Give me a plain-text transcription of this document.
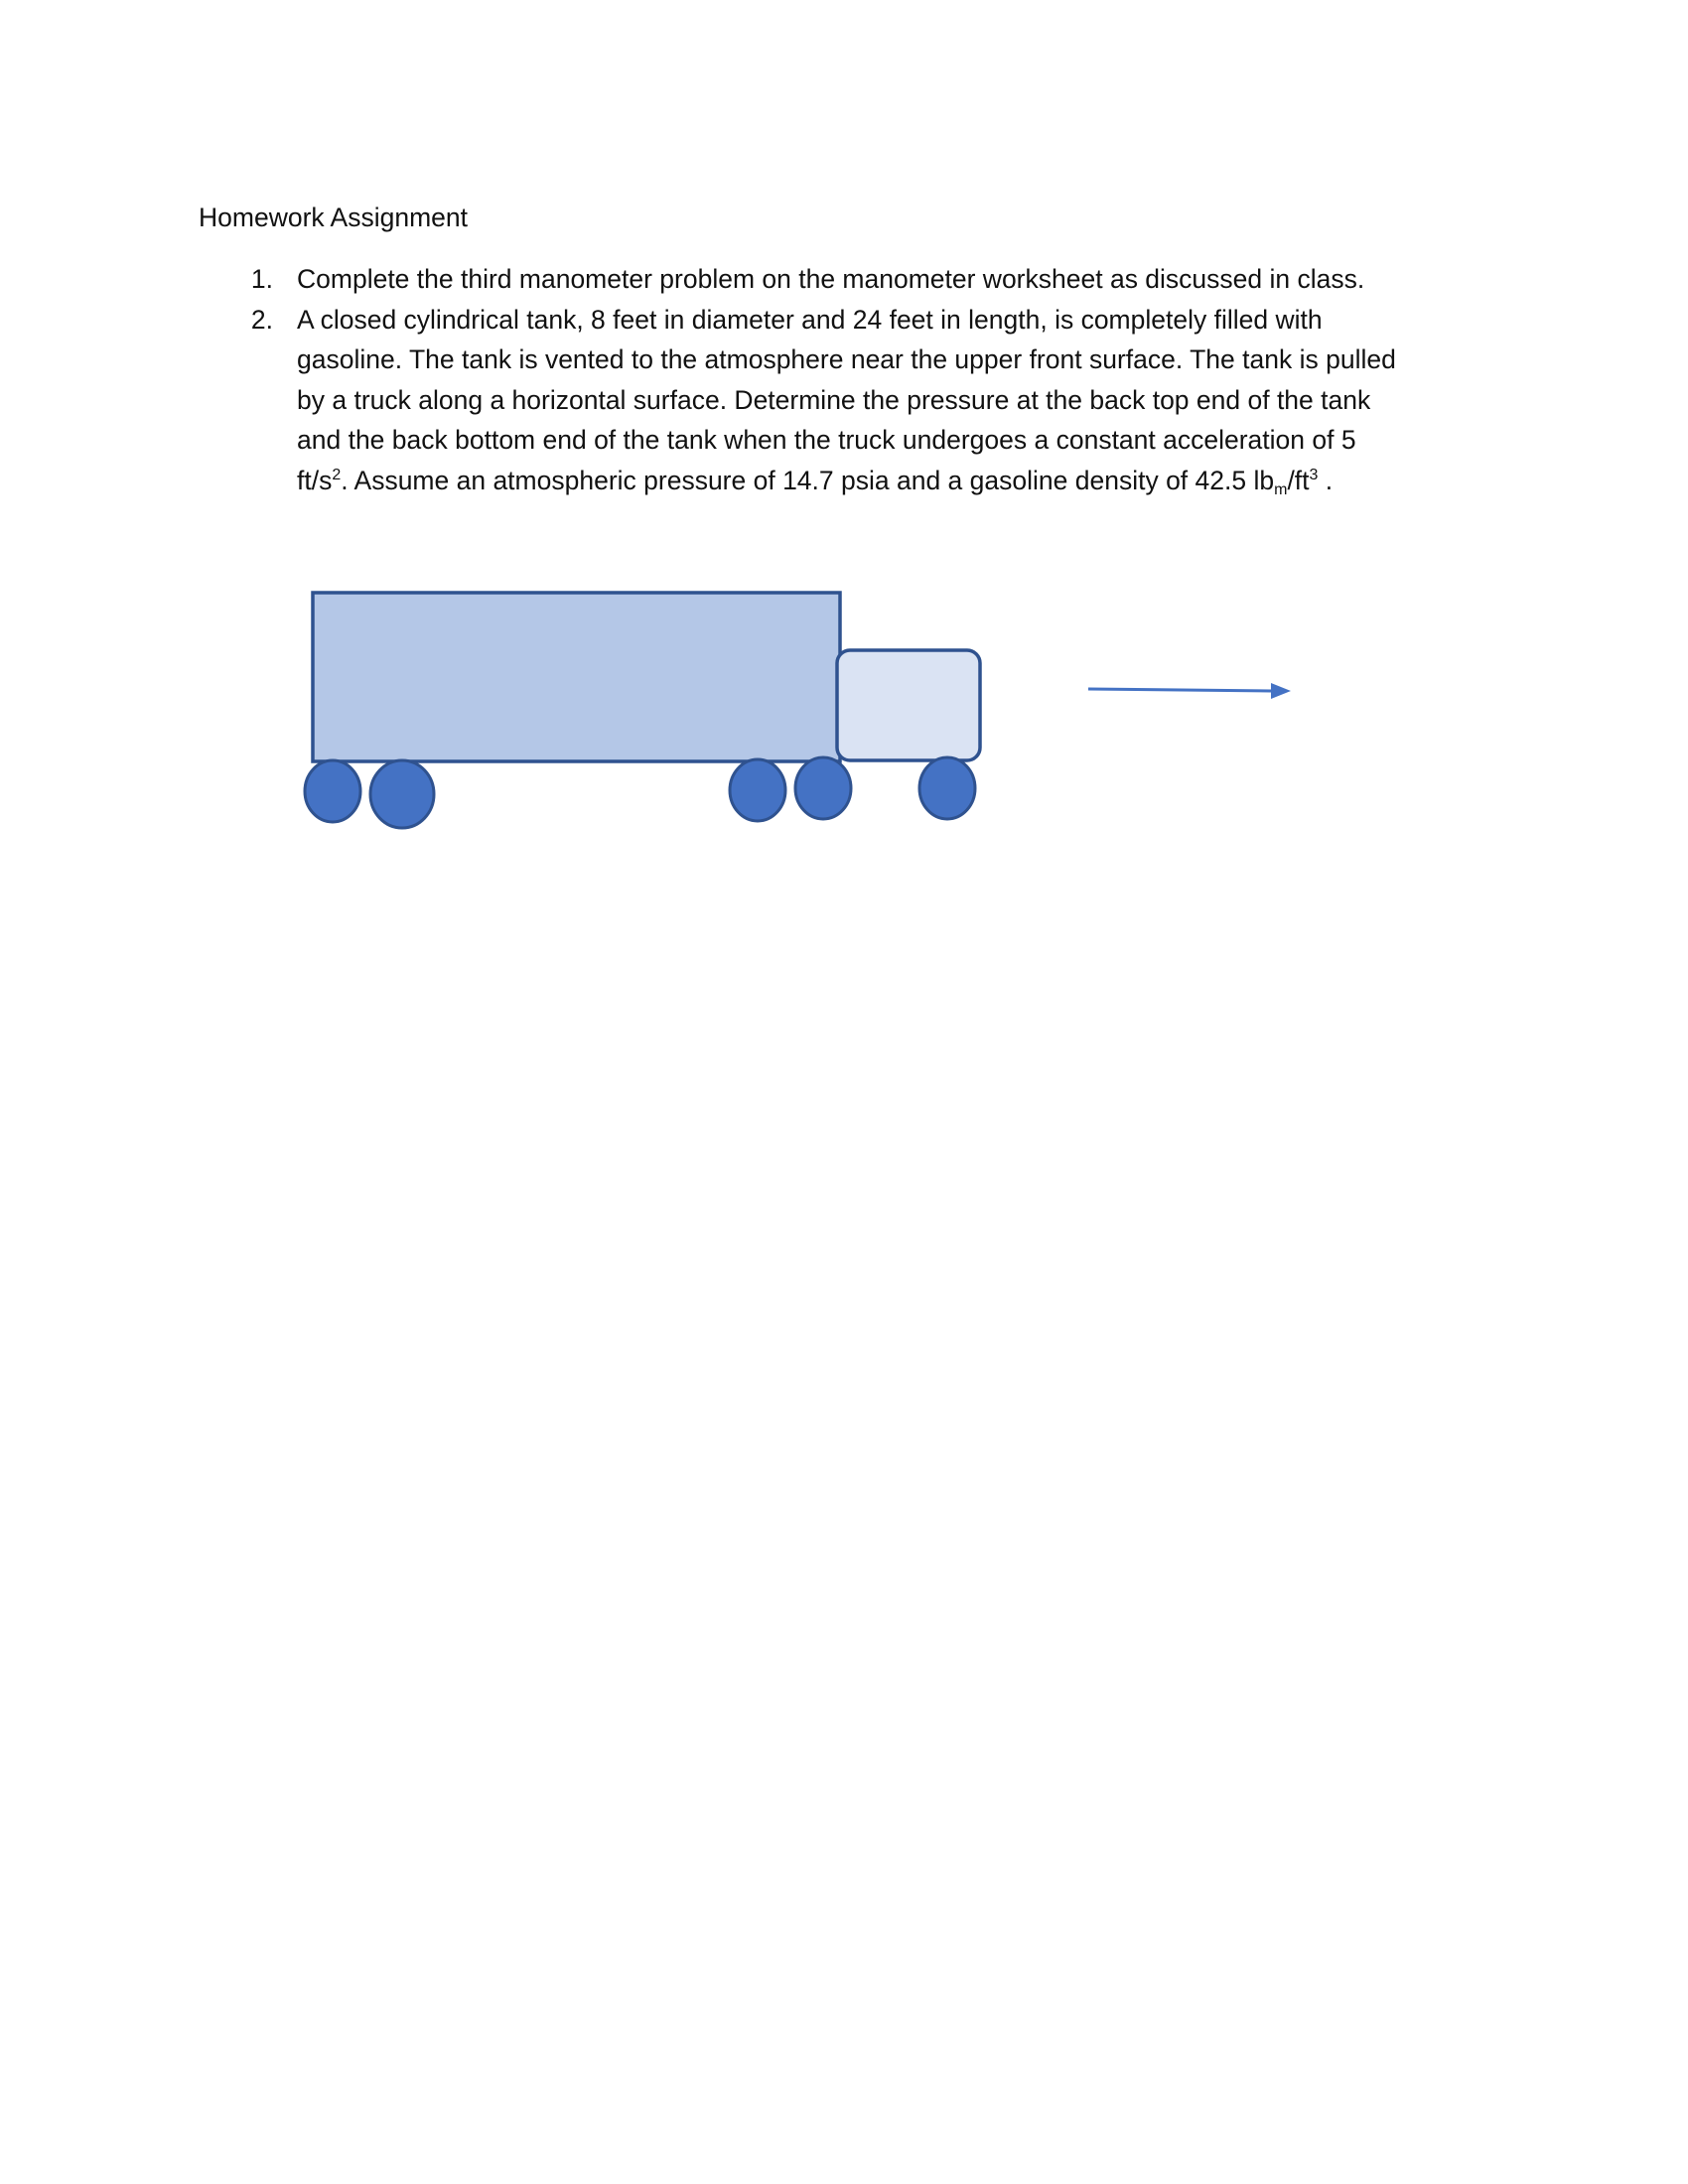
Homework Assignment
1. Complete the third manometer problem on the manometer worksheet as discussed in class.
2. A closed cylindrical tank, 8 feet in diameter and 24 feet in length, is completely filled with
gasoline. The tank is vented to the atmosphere near the upper front surface. The tank is pulled
by a truck along a horizontal surface. Determine the pressure at the back top end of the tank
and the back bottom end of the tank when the truck undergoes a constant acceleration of 5
$ft/s^2$. Assume an atmospheric pressure of 14.7 psia and a gasoline density of 42.5 lbm/$ft^3$ .
